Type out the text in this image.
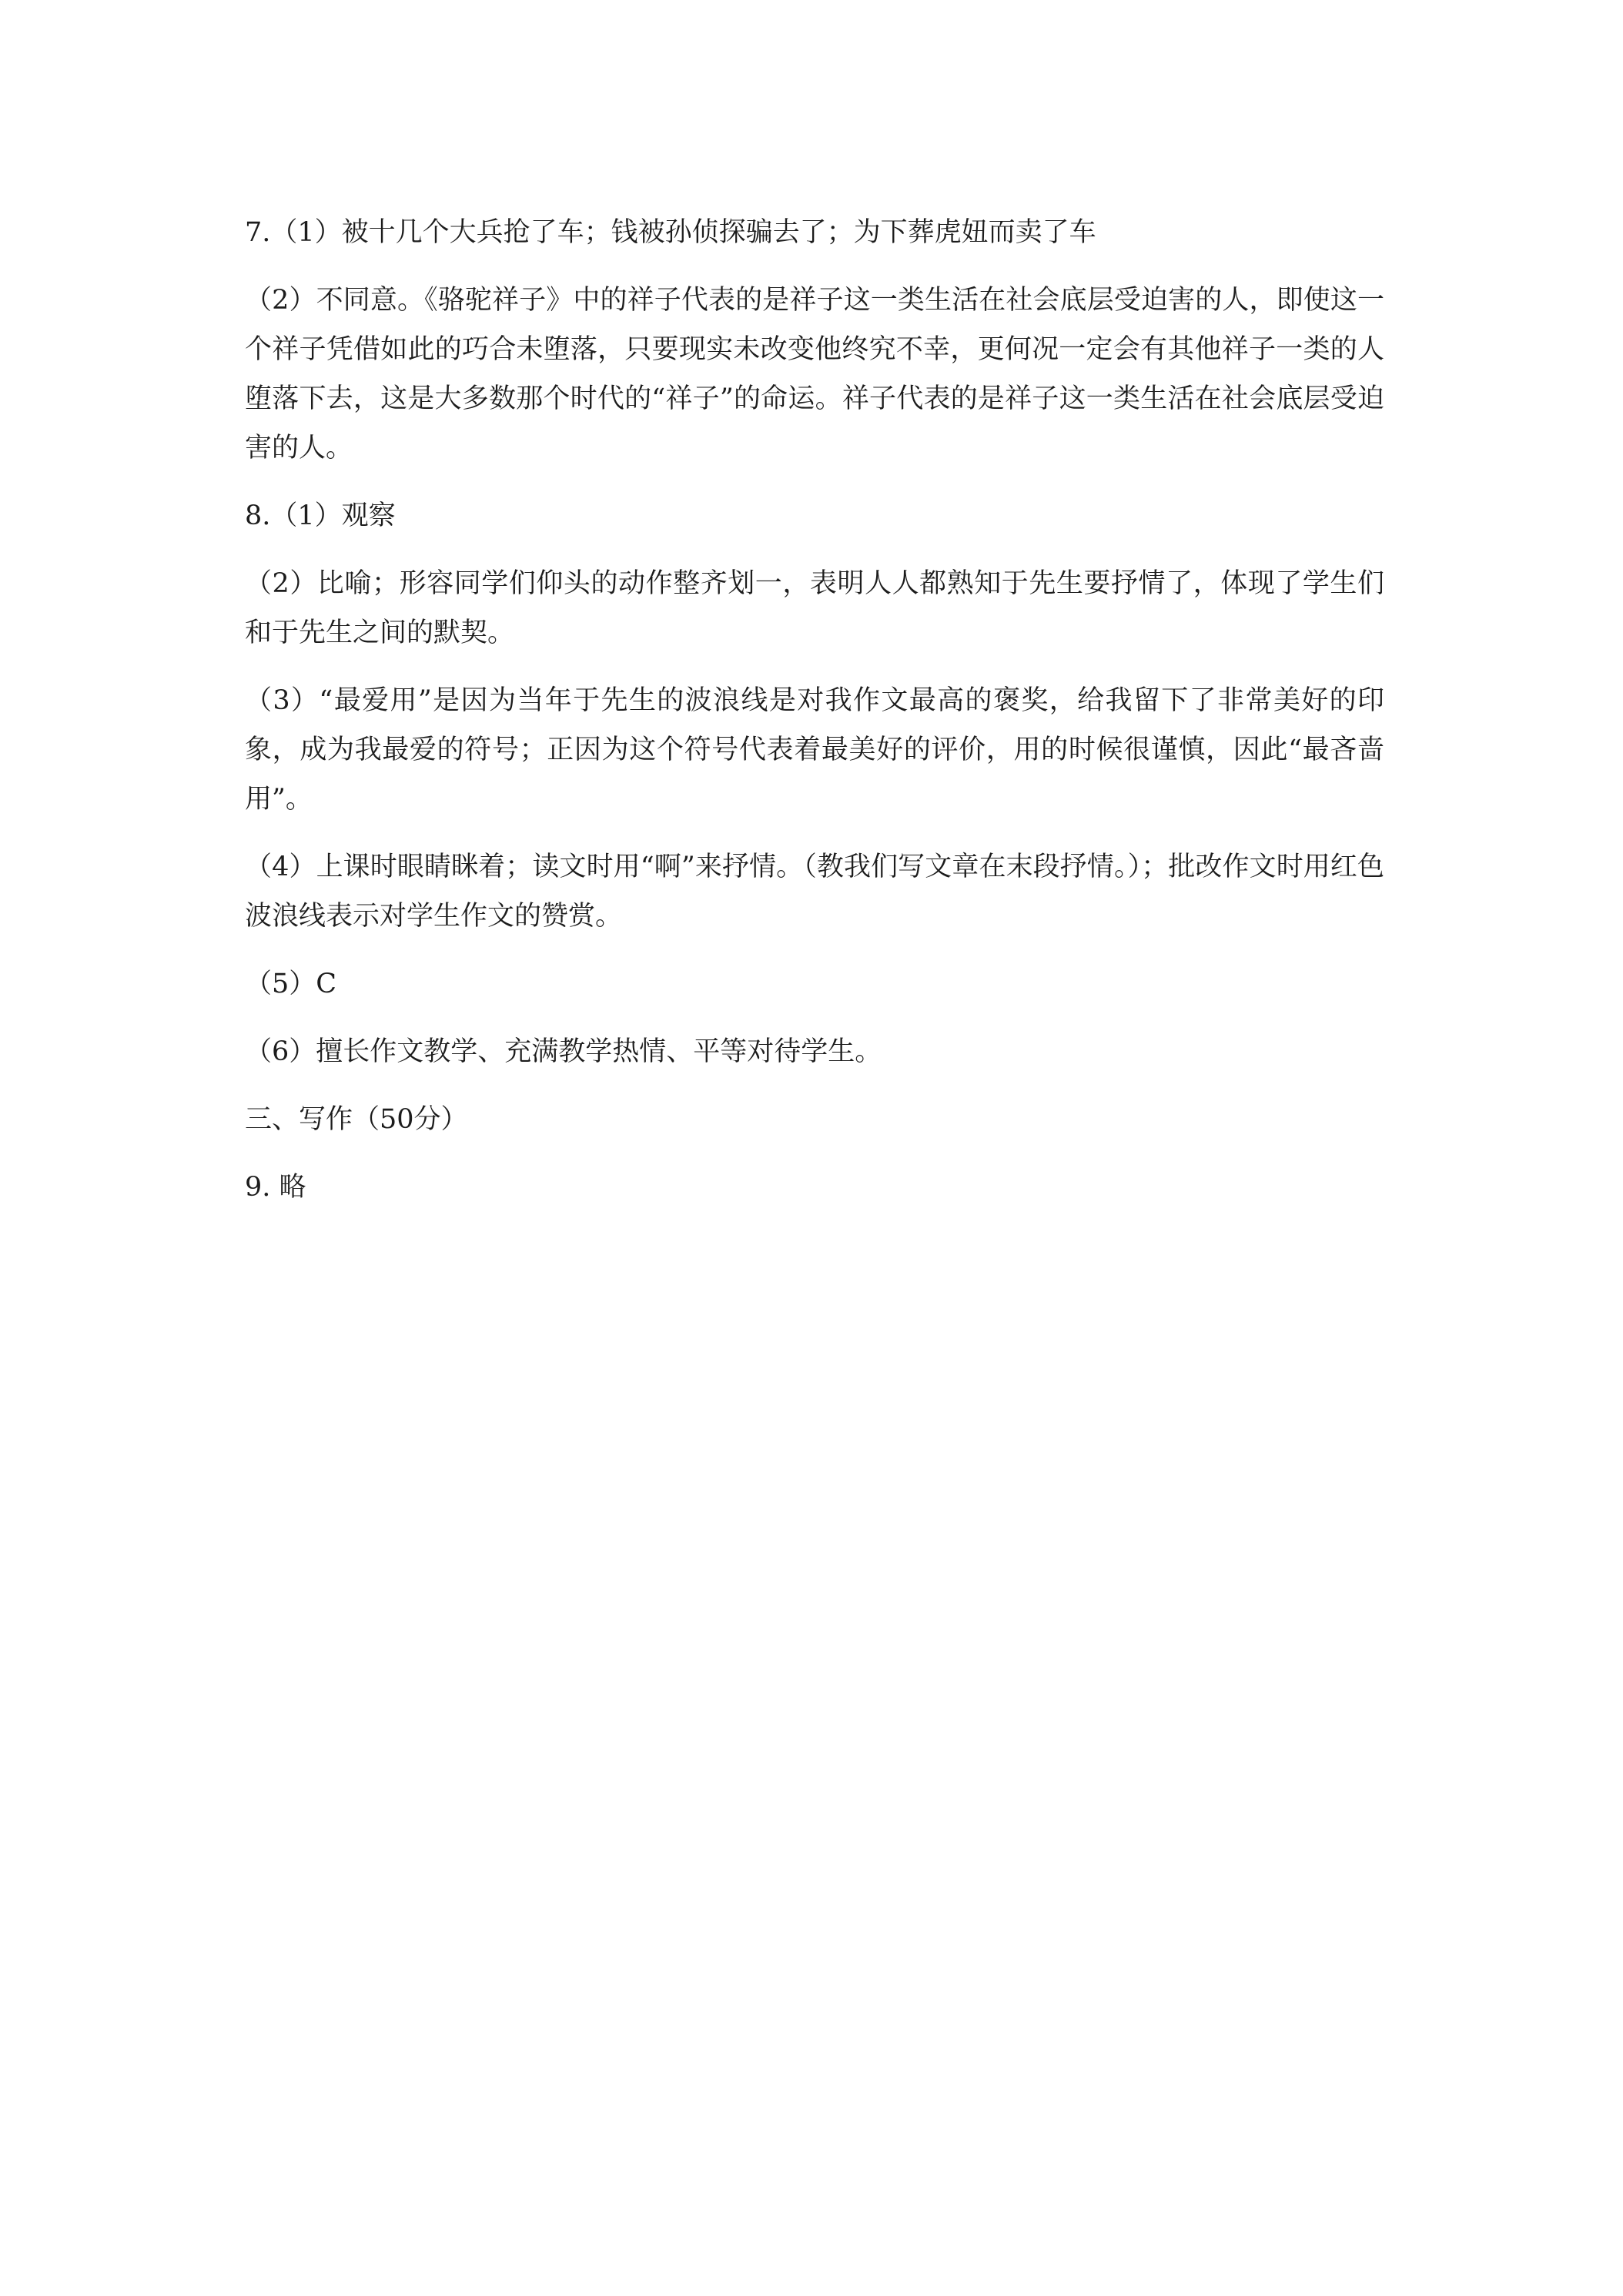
7.（1）被十几个大兵抢了车；钱被孙侦探骗去了；为下葬虎妞而卖了车

（2）不同意。《骆驼祥子》中的祥子代表的是祥子这一类生活在社会底层受迫害的人，即使这一个祥子凭借如此的巧合未堕落，只要现实未改变他终究不幸，更何况一定会有其他祥子一类的人堕落下去，这是大多数那个时代的“祥子”的命运。祥子代表的是祥子这一类生活在社会底层受迫害的人。

8.（1）观察

（2）比喻；形容同学们仰头的动作整齐划一，表明人人都熟知于先生要抒情了，体现了学生们和于先生之间的默契。

（3）“最爱用”是因为当年于先生的波浪线是对我作文最高的褒奖，给我留下了非常美好的印象，成为我最爱的符号；正因为这个符号代表着最美好的评价，用的时候很谨慎，因此“最吝啬用”。

（4）上课时眼睛眯着；读文时用“啊”来抒情。（教我们写文章在末段抒情。）；批改作文时用红色波浪线表示对学生作文的赞赏。

（5）C

（6）擅长作文教学、充满教学热情、平等对待学生。

三、写作（50分）

9. 略
